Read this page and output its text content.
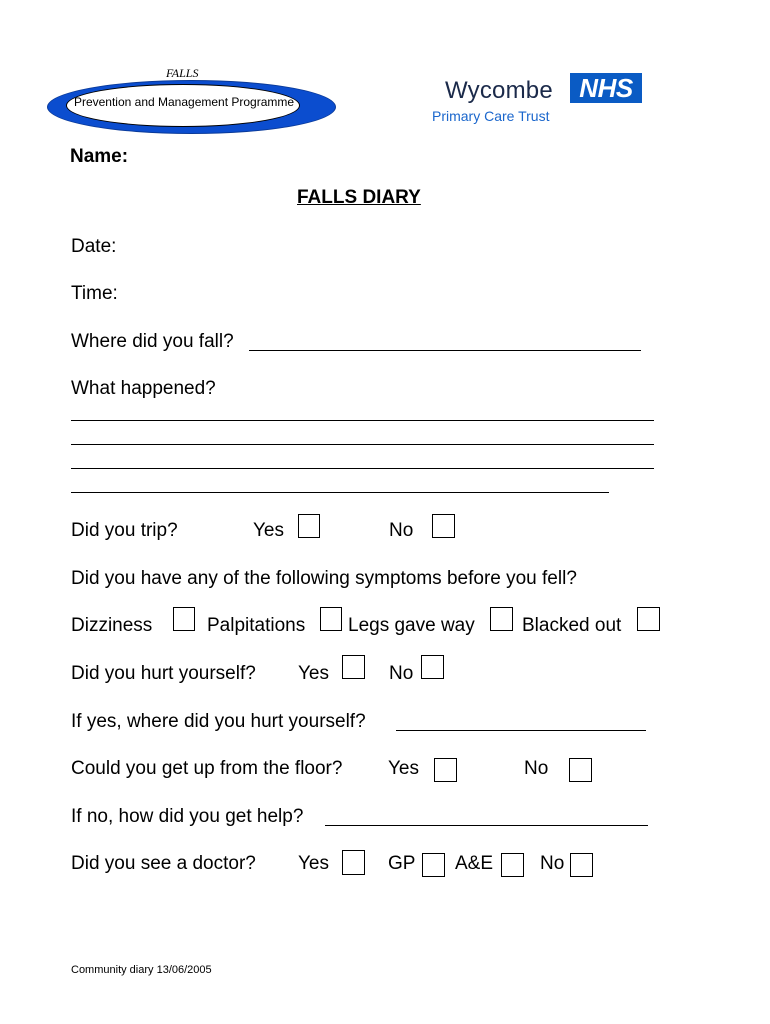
FALLS
Prevention and Management Programme	Wycombe	NHS
Primary Care Trust
Name:
FALLS DIARY
Date:
Time:
Where did you fall?
What happened?
Did you trip?	Yes	No
Did you have any of the following symptoms before you fell?
Dizziness	Palpitations Legs gave way Blacked out
Did you hurt yourself? Yes	No
If yes, where did you hurt yourself?
Could you get up from the floor? Yes	No
If no, how did you get help?
Did you see a doctor? Yes	GP A&E No
Community diary 13/06/2005
